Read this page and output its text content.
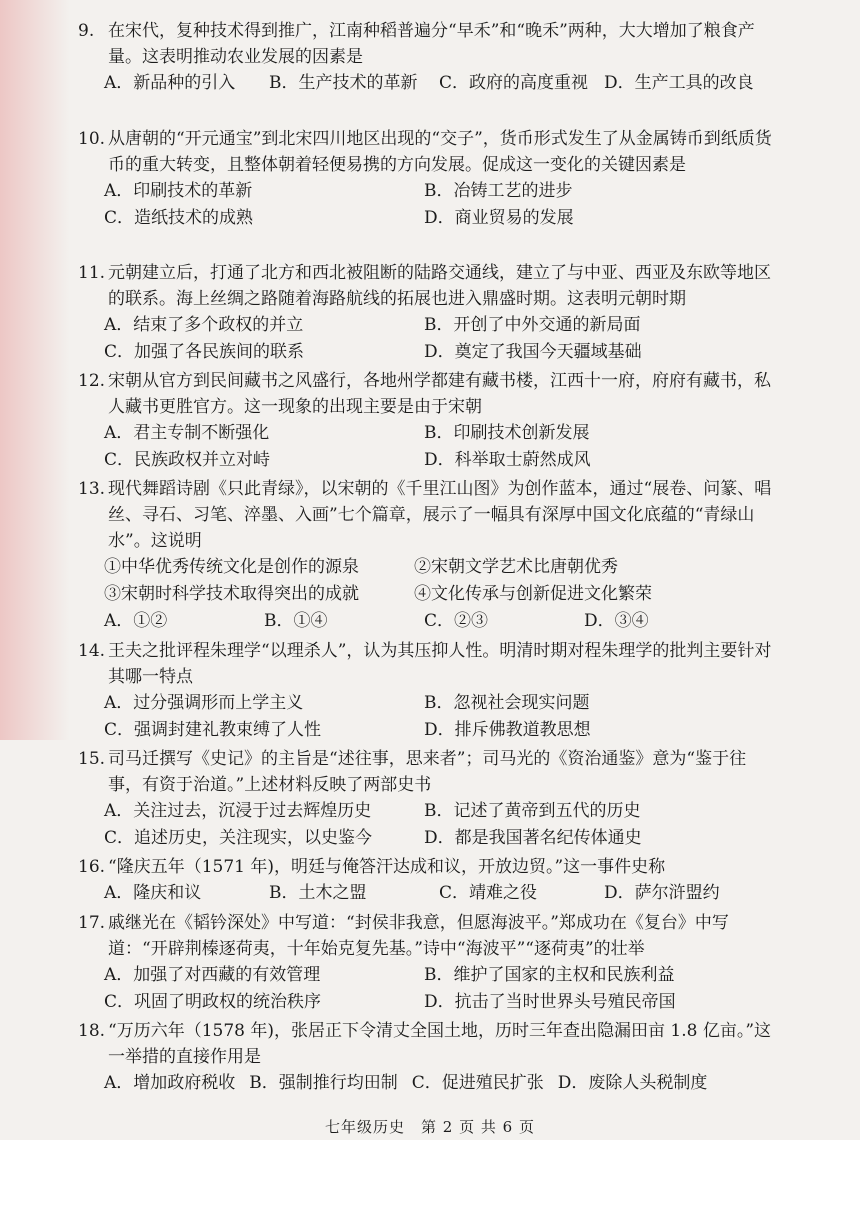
9. 在宋代，复种技术得到推广，江南种稻普遍分“早禾”和“晚禾”两种，大大增加了粮食产量。这表明推动农业发展的因素是
A．新品种的引入	B．生产技术的革新	C．政府的高度重视 D．生产工具的改良
10. 从唐朝的“开元通宝”到北宋四川地区出现的“交子”，货币形式发生了从金属铸币到纸质货币的重大转变，且整体朝着轻便易携的方向发展。促成这一变化的关键因素是
A．印刷技术的革新	B．冶铸工艺的进步
C．造纸技术的成熟	D．商业贸易的发展
11. 元朝建立后，打通了北方和西北被阻断的陆路交通线，建立了与中亚、西亚及东欧等地区的联系。海上丝绸之路随着海路航线的拓展也进入鼎盛时期。这表明元朝时期
A．结束了多个政权的并立	B．开创了中外交通的新局面
C．加强了各民族间的联系	D．奠定了我国今天疆域基础
12. 宋朝从官方到民间藏书之风盛行，各地州学都建有藏书楼，江西十一府，府府有藏书，私人藏书更胜官方。这一现象的出现主要是由于宋朝
A．君主专制不断强化	B．印刷技术创新发展
C．民族政权并立对峙	D．科举取士蔚然成风
13. 现代舞蹈诗剧《只此青绿》，以宋朝的《千里江山图》为创作蓝本，通过“展卷、问篆、唱丝、寻石、习笔、淬墨、入画”七个篇章，展示了一幅具有深厚中国文化底蕴的“青绿山水”。这说明
①中华优秀传统文化是创作的源泉	②宋朝文学艺术比唐朝优秀
③宋朝时科学技术取得突出的成就	④文化传承与创新促进文化繁荣
A．①②	B．①④	C．②③	D．③④
14. 王夫之批评程朱理学“以理杀人”，认为其压抑人性。明清时期对程朱理学的批判主要针对其哪一特点
A．过分强调形而上学主义	B．忽视社会现实问题
C．强调封建礼教束缚了人性	D．排斥佛教道教思想
15. 司马迁撰写《史记》的主旨是“述往事，思来者”；司马光的《资治通鉴》意为“鉴于往事，有资于治道。”上述材料反映了两部史书
A．关注过去，沉浸于过去辉煌历史	B．记述了黄帝到五代的历史
C．追述历史，关注现实，以史鉴今	D．都是我国著名纪传体通史
16. “隆庆五年（1571 年)，明廷与俺答汗达成和议，开放边贸。”这一事件史称
A．隆庆和议	B．土木之盟	C．靖难之役	D．萨尔浒盟约
17. 戚继光在《韬钤深处》中写道：“封侯非我意，但愿海波平。”郑成功在《复台》中写道：“开辟荆榛逐荷夷，十年始克复先基。”诗中“海波平”“逐荷夷”的壮举
A．加强了对西藏的有效管理	B．维护了国家的主权和民族利益
C．巩固了明政权的统治秩序	D．抗击了当时世界头号殖民帝国
18. “万历六年（1578 年)，张居正下令清丈全国土地，历时三年查出隐漏田亩 1.8 亿亩。”这一举措的直接作用是
A．增加政府税收 B．强制推行均田制 C．促进殖民扩张 D．废除人头税制度
七年级历史　第 2 页 共 6 页
